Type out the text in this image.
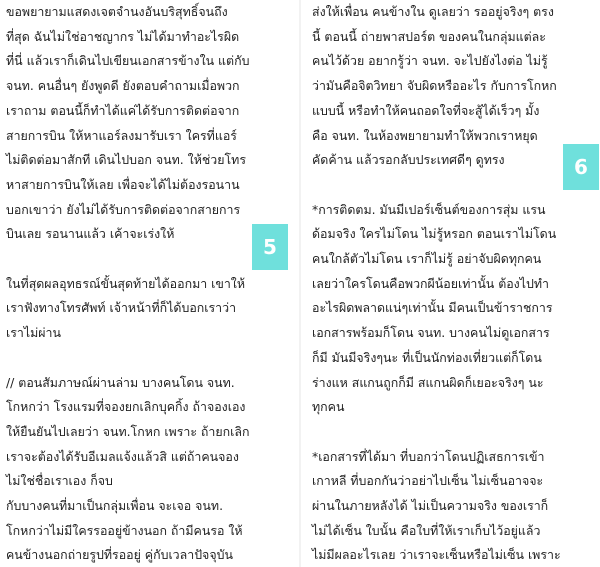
ขอพยายามแสดงเจตจำนงอันบริสุทธิ์จนถึง
ที่สุด ฉันไม่ใช่อาชญากร ไม่ได้มาทำอะไรผิด
ที่นี่ แล้วเราก็เดินไปเขียนเอกสารข้างใน แต่กับ
จนท. คนอื่นๆ ยังพูดดี ยังตอบคำถามเมื่อพวก
เราถาม ตอนนี้ก็ทำได้แค่ได้รับการติดต่อจาก
สายการบิน ให้หาแอร์ลงมารับเรา ใครที่แอร์
ไม่ติดต่อมาสักที เดินไปบอก จนท. ให้ช่วยโทร
หาสายการบินให้เลย เพื่อจะได้ไม่ต้องรอนาน
บอกเขาว่า ยังไม่ได้รับการติดต่อจากสายการ
บินเลย รอนานแล้ว เค้าจะเร่งให้

ในที่สุดผลอุทธรณ์ขั้นสุดท้ายได้ออกมา เขาให้
เราฟังทางโทรศัพท์ เจ้าหน้าที่ก็ได้บอกเราว่า
เราไม่ผ่าน

// ตอนสัมภาษณ์ผ่านล่าม บางคนโดน จนท.
โกหกว่า โรงแรมที่จองยกเลิกบุคกิ้ง ถ้าจองเอง
ให้ยืนยันไปเลยว่า จนท.โกหก เพราะ ถ้ายกเลิก
เราจะต้องได้รับอีเมลแจ้งแล้วสิ แต่ถ้าคนจอง
ไม่ใช่ชื่อเราเอง ก็จบ
กับบางคนที่มาเป็นกลุ่มเพื่อน จะเจอ จนท.
โกหกว่าไม่มีใครรออยู่ข้างนอก ถ้ามีคนรอ ให้
คนข้างนอกถ่ายรูปที่รออยู่ คู่กับเวลาปัจจุบัน

ส่งให้เพื่อน คนข้างใน ดูเลยว่า รออยู่จริงๆ ตรง
นี้ ตอนนี้ ถ่ายพาสปอร์ต ของคนในกลุ่มแต่ละ
คนไว้ด้วย อยากรู้ว่า จนท. จะไปยังไงต่อ ไม่รู้
ว่ามันคือจิตวิทยา จับผิดหรืออะไร กับการโกหก
แบบนี้ หรือทำให้คนถอดใจที่จะสู้ได้เร็วๆ มั้ง
คือ จนท. ในห้องพยายามทำให้พวกเราหยุด
คัดค้าน แล้วรอกลับประเทศดีๆ ดูทรง

*การติดตม. มันมีเปอร์เซ็นต์ของการสุ่ม แรน
ด้อมจริง ใครไม่โดน ไม่รู้หรอก ตอนเราไม่โดน
คนใกล้ตัวไม่โดน เราก็ไม่รู้ อย่าจับผิดทุกคน
เลยว่าใครโดนคือพวกผีน้อยเท่านั้น ต้องไปทำ
อะไรผิดพลาดแน่ๆเท่านั้น มีคนเป็นข้าราชการ
เอกสารพร้อมก็โดน จนท. บางคนไม่ดูเอกสาร
ก็มี มันมีจริงๆนะ ที่เป็นนักท่องเที่ยวแต่ก็โดน
ร่างแห สแกนถูกก็มี สแกนผิดก็เยอะจริงๆ นะ
ทุกคน

*เอกสารที่ได้มา ที่บอกว่าโดนปฏิเสธการเข้า
เกาหลี ที่บอกกันว่าอย่าไปเซ็น ไม่เซ็นอาจจะ
ผ่านในภายหลังได้ ไม่เป็นความจริง ของเราก็
ไม่ได้เซ็น ใบนั้น คือใบที่ให้เราเก็บไว้อยู่แล้ว
ไม่มีผลอะไรเลย ว่าเราจะเซ็นหรือไม่เซ็น เพราะ

5
6
